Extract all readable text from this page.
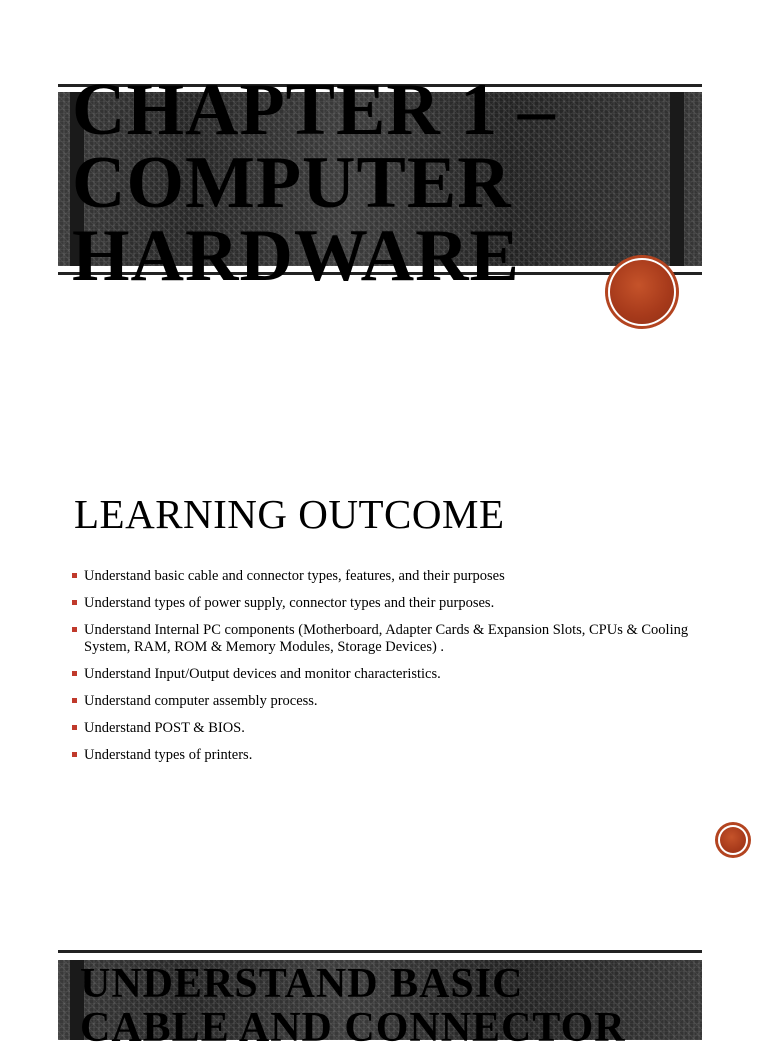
CHAPTER 1 –
COMPUTER
HARDWARE
LEARNING OUTCOME
Understand basic cable and connector types, features, and their purposes
Understand types of power supply, connector types and their purposes.
Understand Internal PC components (Motherboard, Adapter Cards & Expansion Slots, CPUs & Cooling System, RAM, ROM & Memory Modules, Storage Devices) .
Understand Input/Output devices and monitor characteristics.
Understand computer assembly process.
Understand POST & BIOS.
Understand types of printers.
UNDERSTAND BASIC
CABLE AND CONNECTOR
